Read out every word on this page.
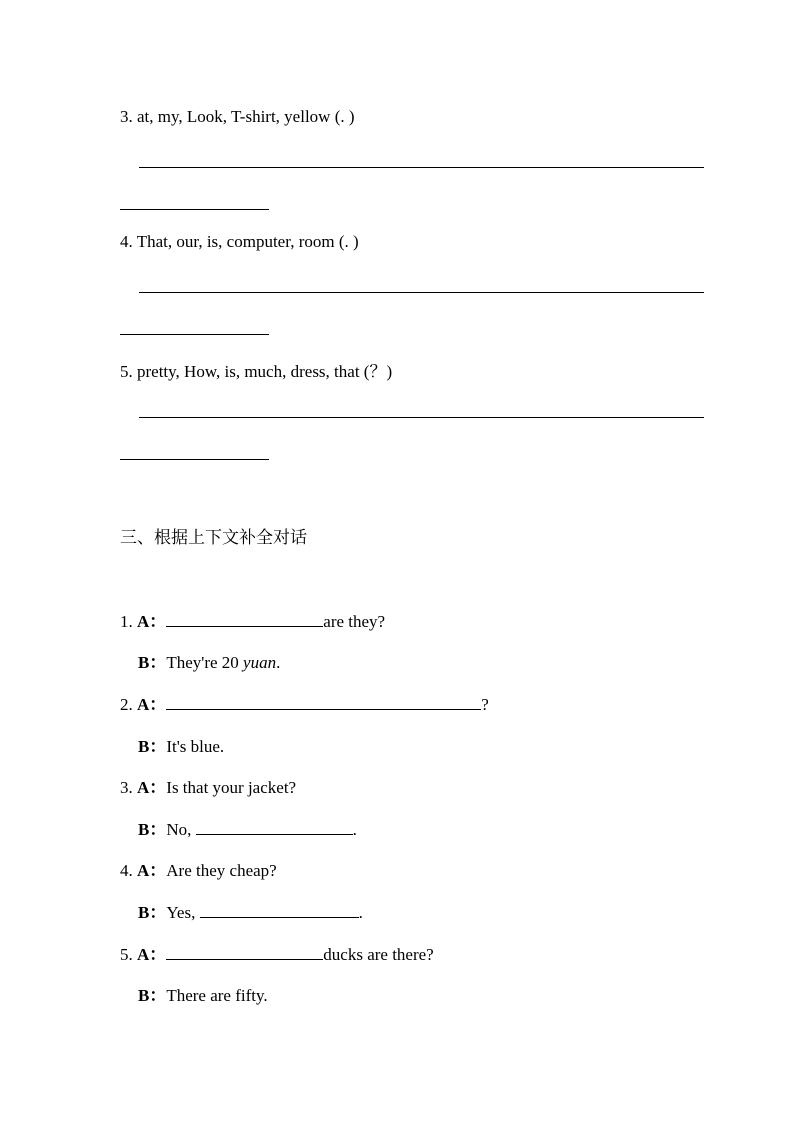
3. at, my, Look, T-shirt, yellow (. )
4. That, our, is, computer, room (. )
5. pretty, How, is, much, dress, that (？)
三、根据上下文补全对话
1. A：	are they?
B：They're 20 yuan.
2. A：	?
B：It's blue.
3. A：Is that your jacket?
B：No,	.
4. A：Are they cheap?
B：Yes,	.
5. A：	ducks are there?
B：There are fifty.
